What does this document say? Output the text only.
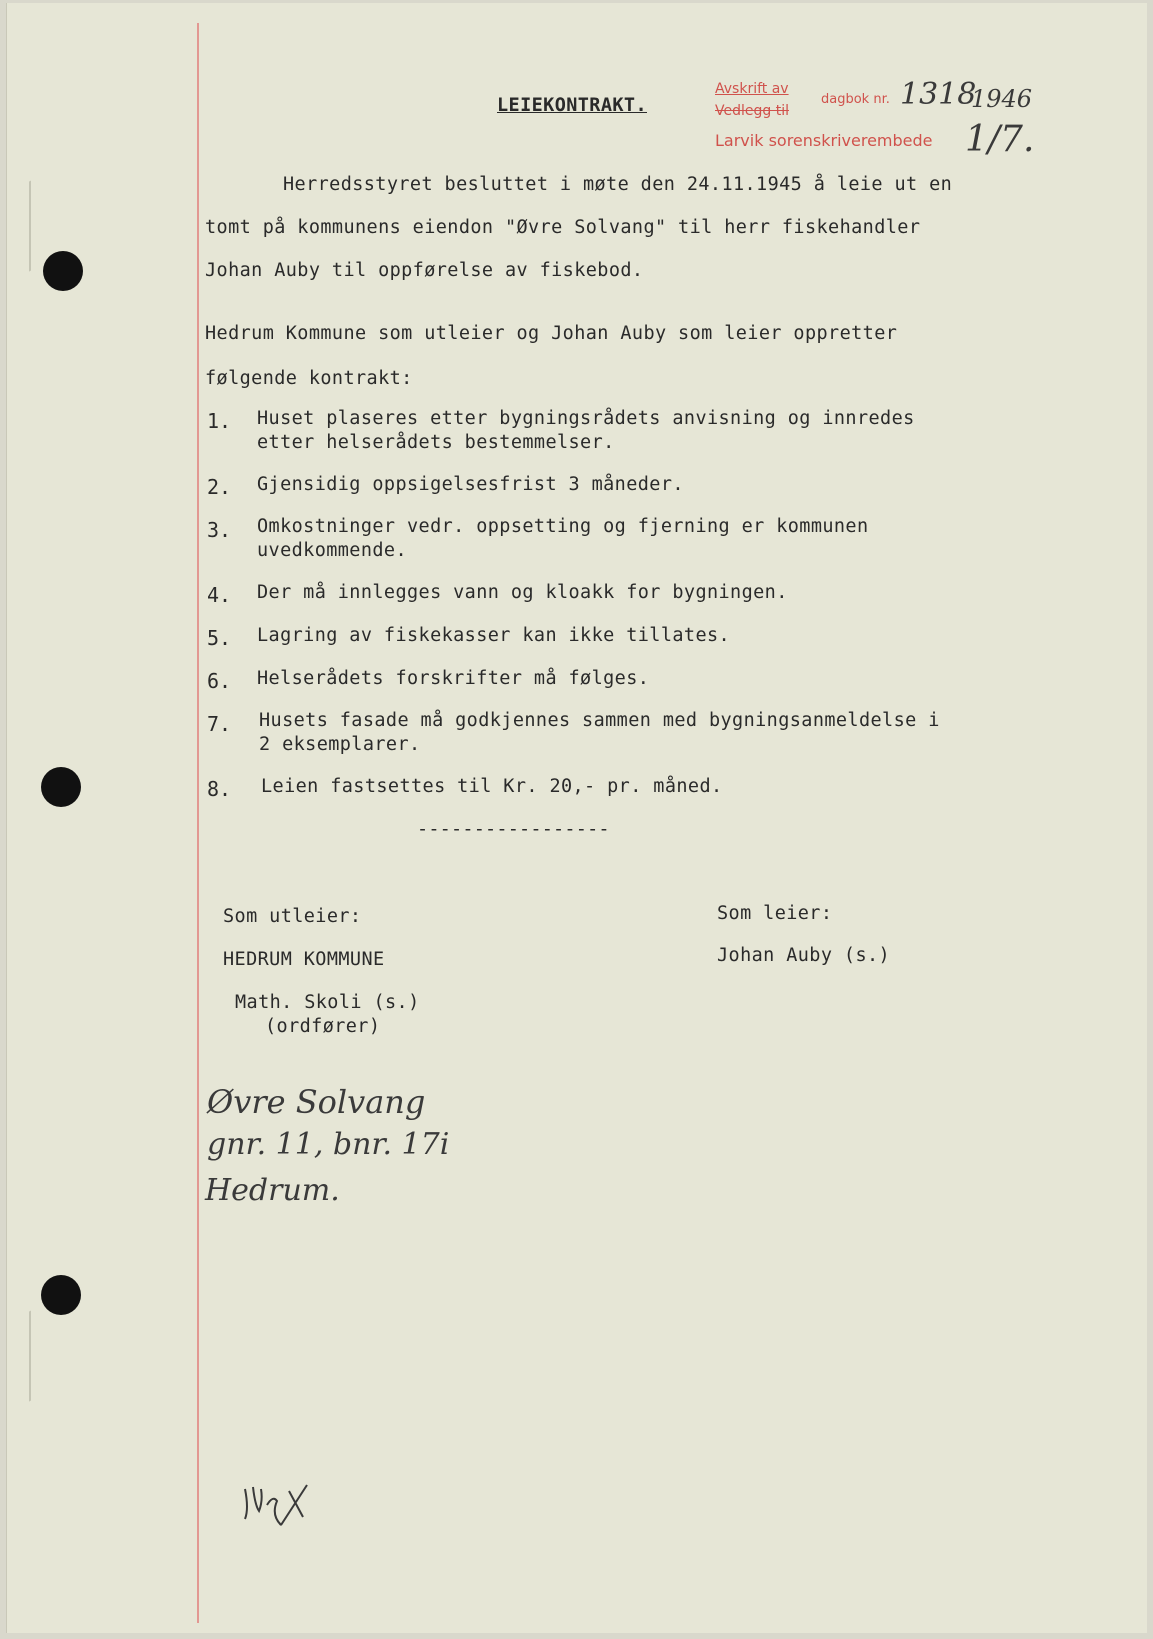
LEIEKONTRAKT.
Avskrift av
Vedlegg til
dagbok nr. 1318
1946
Larvik sorenskriverembede 1/7.
Herredsstyret besluttet i møte den 24.11.1945 å leie ut en
tomt på kommunens eiendon "Øvre Solvang" til herr fiskehandler
Johan Auby til oppførelse av fiskebod.
Hedrum Kommune som utleier og Johan Auby som leier oppretter
følgende kontrakt:
1. Huset plaseres etter bygningsrådets anvisning og innredes
etter helserådets bestemmelser.
2. Gjensidig oppsigelsesfrist 3 måneder.
3. Omkostninger vedr. oppsetting og fjerning er kommunen
uvedkommende.
4. Der må innlegges vann og kloakk for bygningen.
5. Lagring av fiskekasser kan ikke tillates.
6. Helserådets forskrifter må følges.
7. Husets fasade må godkjennes sammen med bygningsanmeldelse i
2 eksemplarer.
8. Leien fastsettes til Kr. 20,- pr. måned.
-----------------
Som utleier:
HEDRUM KOMMUNE
Math. Skoli (s.)
(ordfører)
Som leier:
Johan Auby (s.)
Øvre Solvang
gnr. 11, bnr. 17i
Hedrum.
